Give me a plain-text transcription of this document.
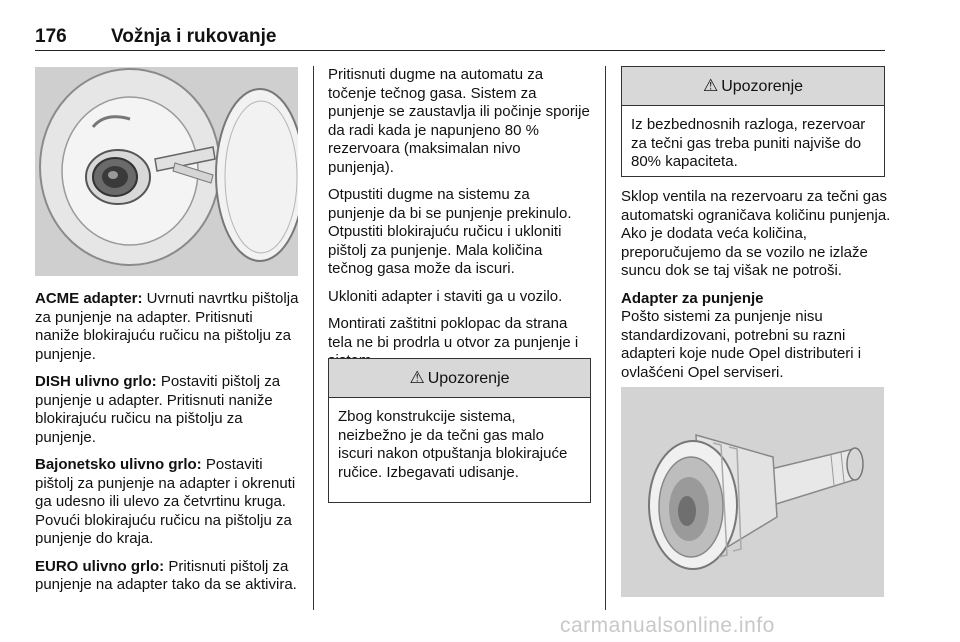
176 Vožnja i rukovanje

ACME adapter: Uvrnuti navrtku pištolja za punjenje na adapter. Pritisnuti naniže blokirajuću ručicu na pištolju za punjenje.

DISH ulivno grlo: Postaviti pištolj za punjenje u adapter. Pritisnuti naniže blokirajuću ručicu na pištolju za punjenje.

Bajonetsko ulivno grlo: Postaviti pištolj za punjenje na adapter i okrenuti ga udesno ili ulevo za četvrtinu kruga. Povući blokirajuću ručicu na pištolju za punjenje do kraja.

EURO ulivno grlo: Pritisnuti pištolj za punjenje na adapter tako da se aktivira.

Pritisnuti dugme na automatu za točenje tečnog gasa. Sistem za punjenje se zaustavlja ili počinje sporije da radi kada je napunjeno 80 % rezervoara (maksimalan nivo punjenja).

Otpustiti dugme na sistemu za punjenje da bi se punjenje prekinulo. Otpustiti blokirajuću ručicu i ukloniti pištolj za punjenje. Mala količina tečnog gasa može da iscuri.

Ukloniti adapter i staviti ga u vozilo.

Montirati zaštitni poklopac da strana tela ne bi prodrla u otvor za punjenje i

⚠ Upozorenje
Zbog konstrukcije sistema, neizbežno je da tečni gas malo iscuri nakon otpuštanja blokirajuće ručice. Izbegavati udisanje.
⚠ Upozorenje
Iz bezbednosnih razloga, rezervoar za tečni gas treba puniti najviše do 80% kapaciteta.

Sklop ventila na rezervoaru za tečni gas automatski ograničava količinu punjenja. Ako je dodata veća količina, preporučujemo da se vozilo ne izlaže suncu dok se taj višak ne potroši.

Adapter za punjenje
Pošto sistemi za punjenje nisu standardizovani, potrebni su razni adapteri koje nude Opel distributeri i ovlašćeni Opel serviseri.

carmanualsonline.info
